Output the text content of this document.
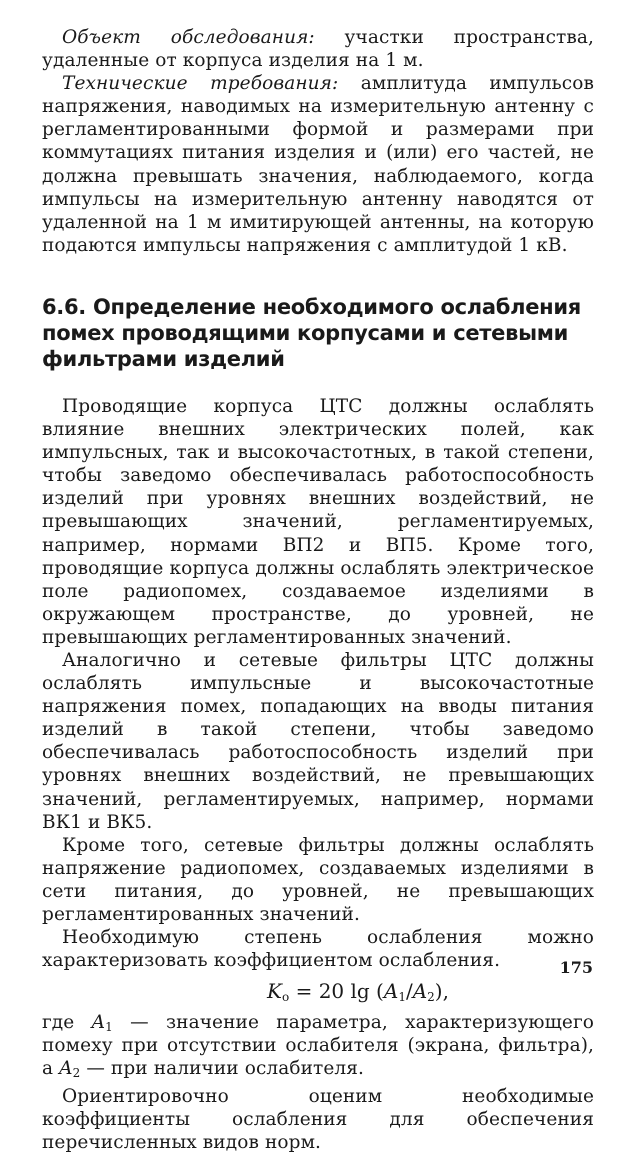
Объект обследования: участки пространства, удаленные от корпуса изделия на 1 м.

Технические требования: амплитуда импульсов напряжения, наводимых на измерительную антенну с регламентированными формой и размерами при коммутациях питания изделия и (или) его частей, не должна превышать значения, наблюдаемого, когда импульсы на измерительную антенну наводятся от удаленной на 1 м имитирующей антенны, на которую подаются импульсы напряжения с амплитудой 1 кВ.

6.6. Определение необходимого ослабления помех проводящими корпусами и сетевыми фильтрами изделий

Проводящие корпуса ЦТС должны ослаблять влияние внешних электрических полей, как импульсных, так и высокочастотных, в такой степени, чтобы заведомо обеспечивалась работоспособность изделий при уровнях внешних воздействий, не превышающих значений, регламентируемых, например, нормами ВП2 и ВП5. Кроме того, проводящие корпуса должны ослаблять электрическое поле радиопомех, создаваемое изделиями в окружающем пространстве, до уровней, не превышающих регламентированных значений.

Аналогично и сетевые фильтры ЦТС должны ослаблять импульсные и высокочастотные напряжения помех, попадающих на вводы питания изделий в такой степени, чтобы заведомо обеспечивалась работоспособность изделий при уровнях внешних воздействий, не превышающих значений, регламентируемых, например, нормами ВК1 и ВК5.

Кроме того, сетевые фильтры должны ослаблять напряжение радиопомех, создаваемых изделиями в сети питания, до уровней, не превышающих регламентированных значений.

Необходимую степень ослабления можно характеризовать коэффициентом ослабления.

$K_o = 20$ $\lg (A_1/A_2)$,

где $A_1$ — значение параметра, характеризующего помеху при отсутствии ослабителя (экрана, фильтра), а $A_2$ — при наличии ослабителя.

Ориентировочно оценим необходимые коэффициенты ослабления для обеспечения перечисленных видов норм.

175
